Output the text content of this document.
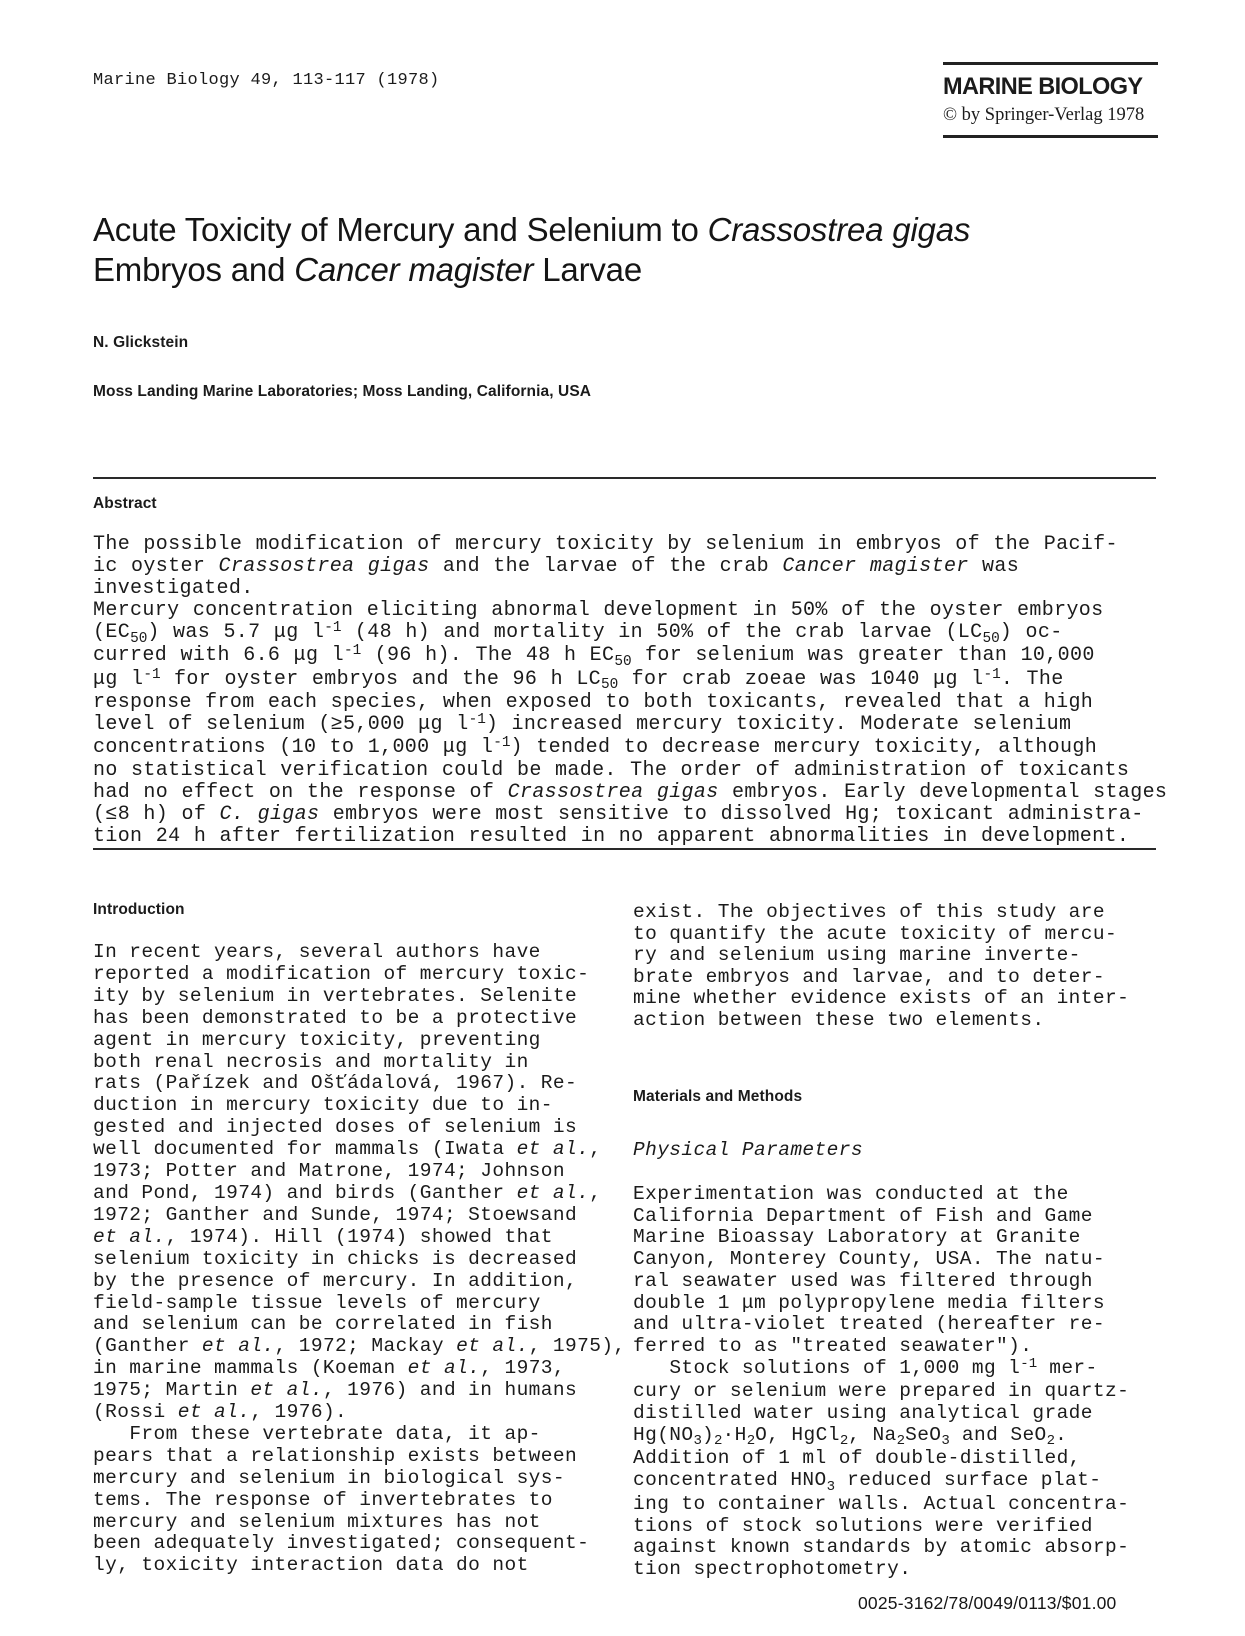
Marine Biology 49, 113-117 (1978)	MARINE BIOLOGY
© by Springer-Verlag 1978
Acute Toxicity of Mercury and Selenium to Crassostrea gigas
Embryos and Cancer magister Larvae
N. Glickstein
Moss Landing Marine Laboratories; Moss Landing, California, USA
Abstract
The possible modification of mercury toxicity by selenium in embryos of the Pacif-
ic oyster Crassostrea gigas and the larvae of the crab Cancer magister was investigated.
Mercury concentration eliciting abnormal development in 50% of the oyster embryos
$(EC_{50})$ was 5.7 μg $l^{-1}$ (48 h) and mortality in 50% of the crab larvae $(LC_{50})$ oc-
curred with 6.6 μg $l^{-1}$ (96 h). The 48 h $EC_{50}$ for selenium was greater than 10,000
μg $l^{-1}$ for oyster embryos and the 96 h $LC_{50}$ for crab zoeae was 1040 μg $l^{-1}$. The
response from each species, when exposed to both toxicants, revealed that a high
level of selenium (≥5,000 μg $l^{-1}$) increased mercury toxicity. Moderate selenium
concentrations (10 to 1,000 μg $l^{-1}$) tended to decrease mercury toxicity, although
no statistical verification could be made. The order of administration of toxicants
had no effect on the response of Crassostrea gigas embryos. Early developmental stages
(≤8 h) of C. gigas embryos were most sensitive to dissolved Hg; toxicant administra-
tion 24 h after fertilization resulted in no apparent abnormalities in development.
Introduction
In recent years, several authors have
reported a modification of mercury toxic-
ity by selenium in vertebrates. Selenite
has been demonstrated to be a protective
agent in mercury toxicity, preventing
both renal necrosis and mortality in
rats (Pařízek and Ošťádalová, 1967). Re-
duction in mercury toxicity due to in-
gested and injected doses of selenium is
well documented for mammals (Iwata et al.,
1973; Potter and Matrone, 1974; Johnson
and Pond, 1974) and birds (Ganther et al.,
1972; Ganther and Sunde, 1974; Stoewsand
et al., 1974). Hill (1974) showed that
selenium toxicity in chicks is decreased
by the presence of mercury. In addition,
field-sample tissue levels of mercury
and selenium can be correlated in fish
(Ganther et al., 1972; Mackay et al., 1975),
in marine mammals (Koeman et al., 1973,
1975; Martin et al., 1976) and in humans
(Rossi et al., 1976).
From these vertebrate data, it ap-
pears that a relationship exists between
mercury and selenium in biological sys-
tems. The response of invertebrates to
mercury and selenium mixtures has not
been adequately investigated; consequent-
ly, toxicity interaction data do not
exist. The objectives of this study are
to quantify the acute toxicity of mercu-
ry and selenium using marine inverte-
brate embryos and larvae, and to deter-
mine whether evidence exists of an inter-
action between these two elements.
Materials and Methods
Physical Parameters
Experimentation was conducted at the
California Department of Fish and Game
Marine Bioassay Laboratory at Granite
Canyon, Monterey County, USA. The natu-
ral seawater used was filtered through
double 1 μm polypropylene media filters
and ultra-violet treated (hereafter re-
ferred to as "treated seawater").
Stock solutions of 1,000 mg $l^{-1}$ mer-
cury or selenium were prepared in quartz-
distilled water using analytical grade
$Hg(NO_3)_2\cdot H_2O$, HgCl$_2$, $Na_2SeO_3$ and SeO$_2$.
Addition of 1 ml of double-distilled,
concentrated $HNO_3$ reduced surface plat-
ing to container walls. Actual concentra-
tions of stock solutions were verified
against known standards by atomic absorp-
tion spectrophotometry.
0025-3162/78/0049/0113/$01.00
